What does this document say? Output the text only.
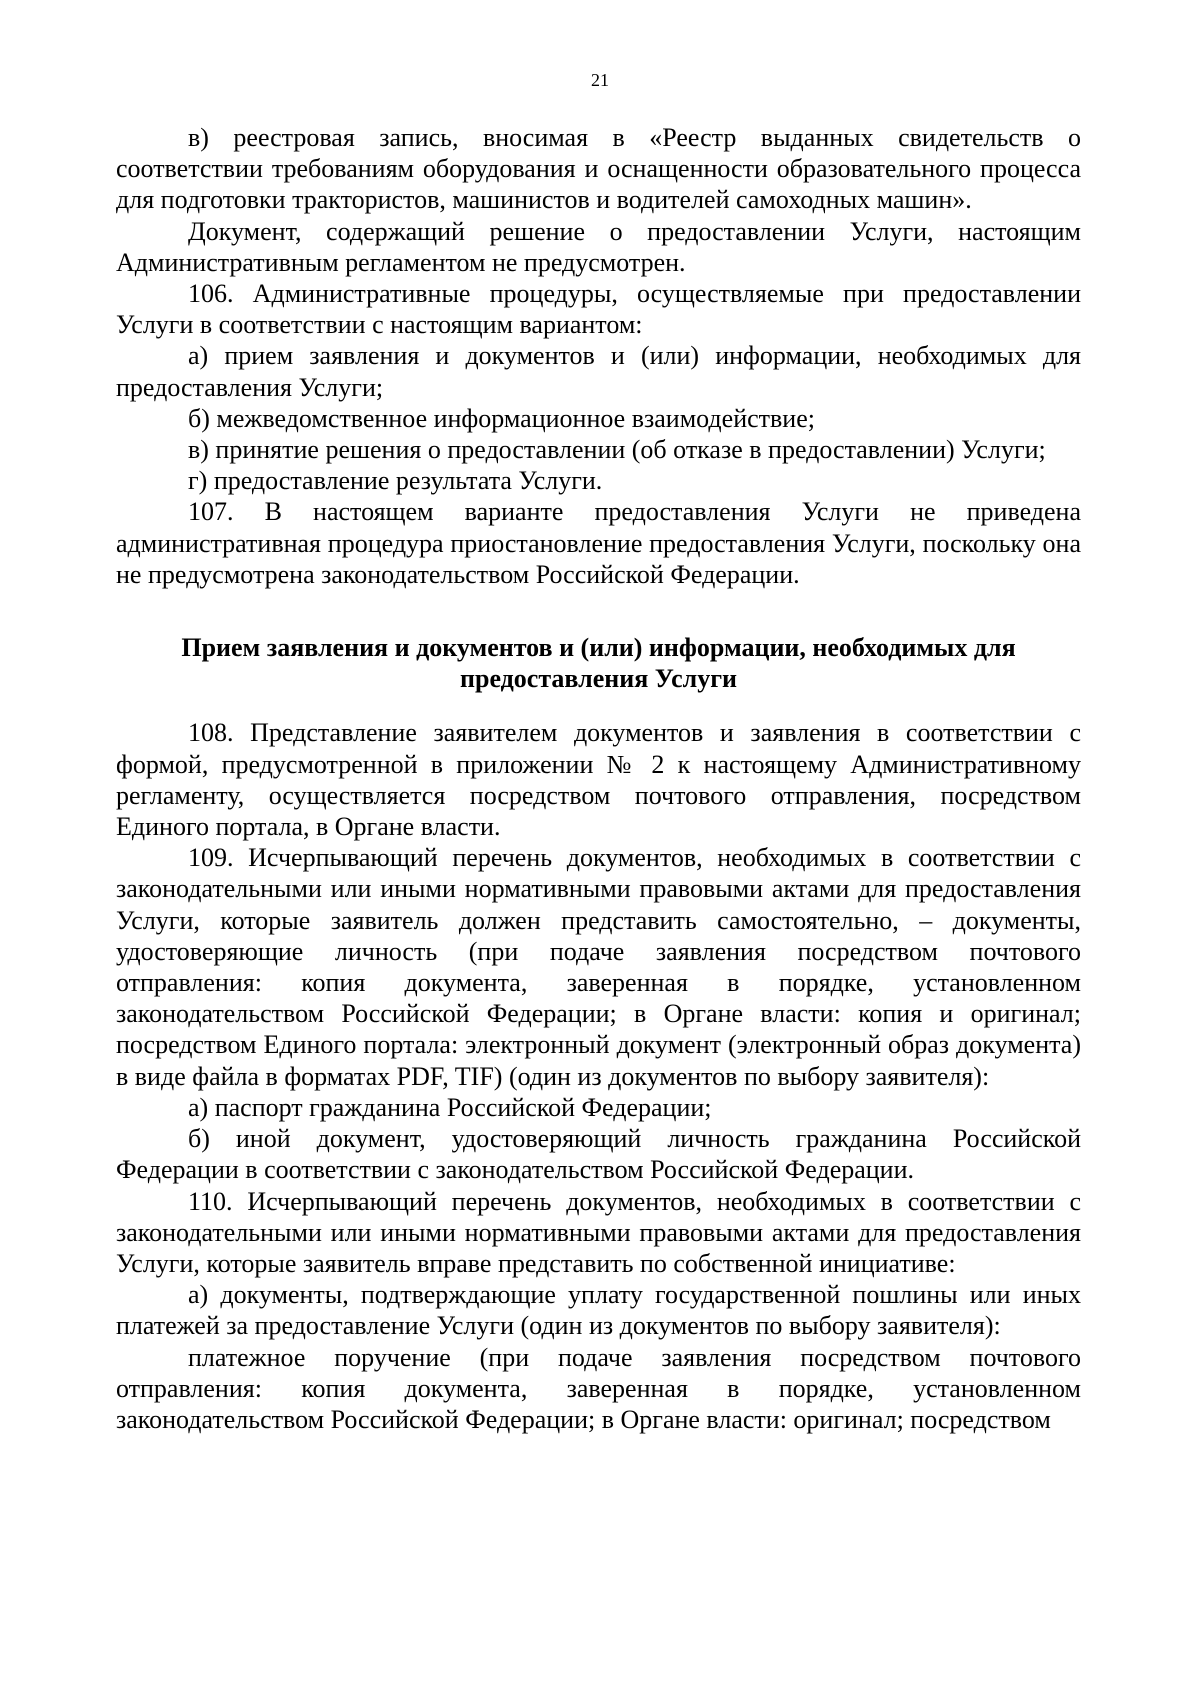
21

в) реестровая запись, вносимая в «Реестр выданных свидетельств о соответствии требованиям оборудования и оснащенности образовательного процесса для подготовки трактористов, машинистов и водителей самоходных машин».

Документ, содержащий решение о предоставлении Услуги, настоящим Административным регламентом не предусмотрен.

106. Административные процедуры, осуществляемые при предоставлении Услуги в соответствии с настоящим вариантом:

а) прием заявления и документов и (или) информации, необходимых для предоставления Услуги;

б) межведомственное информационное взаимодействие;

в) принятие решения о предоставлении (об отказе в предоставлении) Услуги;

г) предоставление результата Услуги.

107. В настоящем варианте предоставления Услуги не приведена административная процедура приостановление предоставления Услуги, поскольку она не предусмотрена законодательством Российской Федерации.

Прием заявления и документов и (или) информации, необходимых для предоставления Услуги

108. Представление заявителем документов и заявления в соответствии с формой, предусмотренной в приложении № 2 к настоящему Административному регламенту, осуществляется посредством почтового отправления, посредством Единого портала, в Органе власти.

109. Исчерпывающий перечень документов, необходимых в соответствии с законодательными или иными нормативными правовыми актами для предоставления Услуги, которые заявитель должен представить самостоятельно, – документы, удостоверяющие личность (при подаче заявления посредством почтового отправления: копия документа, заверенная в порядке, установленном законодательством Российской Федерации; в Органе власти: копия и оригинал; посредством Единого портала: электронный документ (электронный образ документа) в виде файла в форматах PDF, TIF) (один из документов по выбору заявителя):

а) паспорт гражданина Российской Федерации;

б) иной документ, удостоверяющий личность гражданина Российской Федерации в соответствии с законодательством Российской Федерации.

110. Исчерпывающий перечень документов, необходимых в соответствии с законодательными или иными нормативными правовыми актами для предоставления Услуги, которые заявитель вправе представить по собственной инициативе:

а) документы, подтверждающие уплату государственной пошлины или иных платежей за предоставление Услуги (один из документов по выбору заявителя):

платежное поручение (при подаче заявления посредством почтового отправления: копия документа, заверенная в порядке, установленном законодательством Российской Федерации; в Органе власти: оригинал; посредством
